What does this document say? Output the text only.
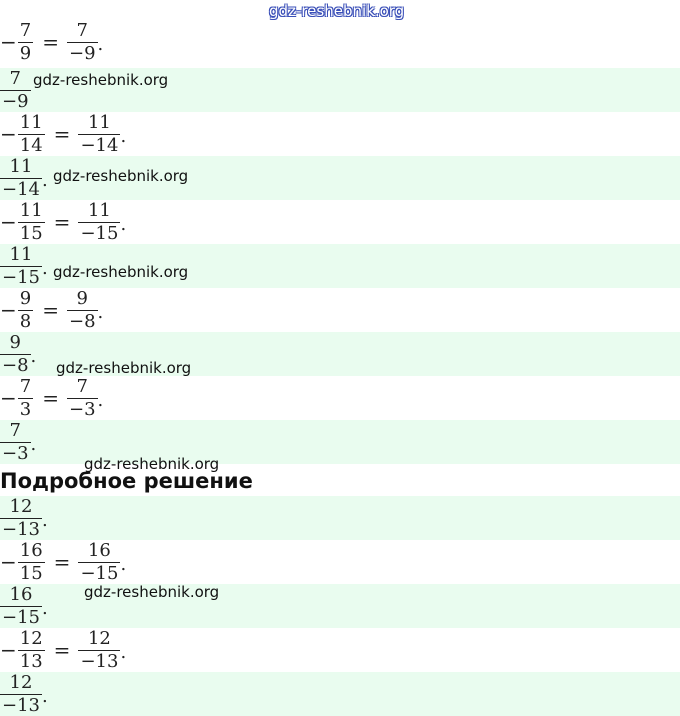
gdz-reshebnik.org
− $\frac{7}{9} = \frac{7}{-9}$ .
$\frac{7}{-9}$ gdz-reshebnik.org
− $\frac{11}{14} = \frac{11}{-14}$ .
$\frac{11}{-14}$ . gdz-reshebnik.org
− $\frac{11}{15} = \frac{11}{-15}$ .
$\frac{11}{-15}$ . gdz-reshebnik.org
− $\frac{9}{8} = \frac{9}{-8}$ .
$\frac{9}{-8}$ .
gdz-reshebnik.org
− $\frac{7}{3} = \frac{7}{-3}$ .
$\frac{7}{-3}$ .
gdz-reshebnik.org
Подробное решение
$\frac{12}{-13}$ .
− $\frac{16}{15} = \frac{16}{-15}$ .
$\frac{16}{-15}$ .
gdz-reshebnik.org
− $\frac{12}{13} = \frac{12}{-13}$ .
$\frac{12}{-13}$ .
